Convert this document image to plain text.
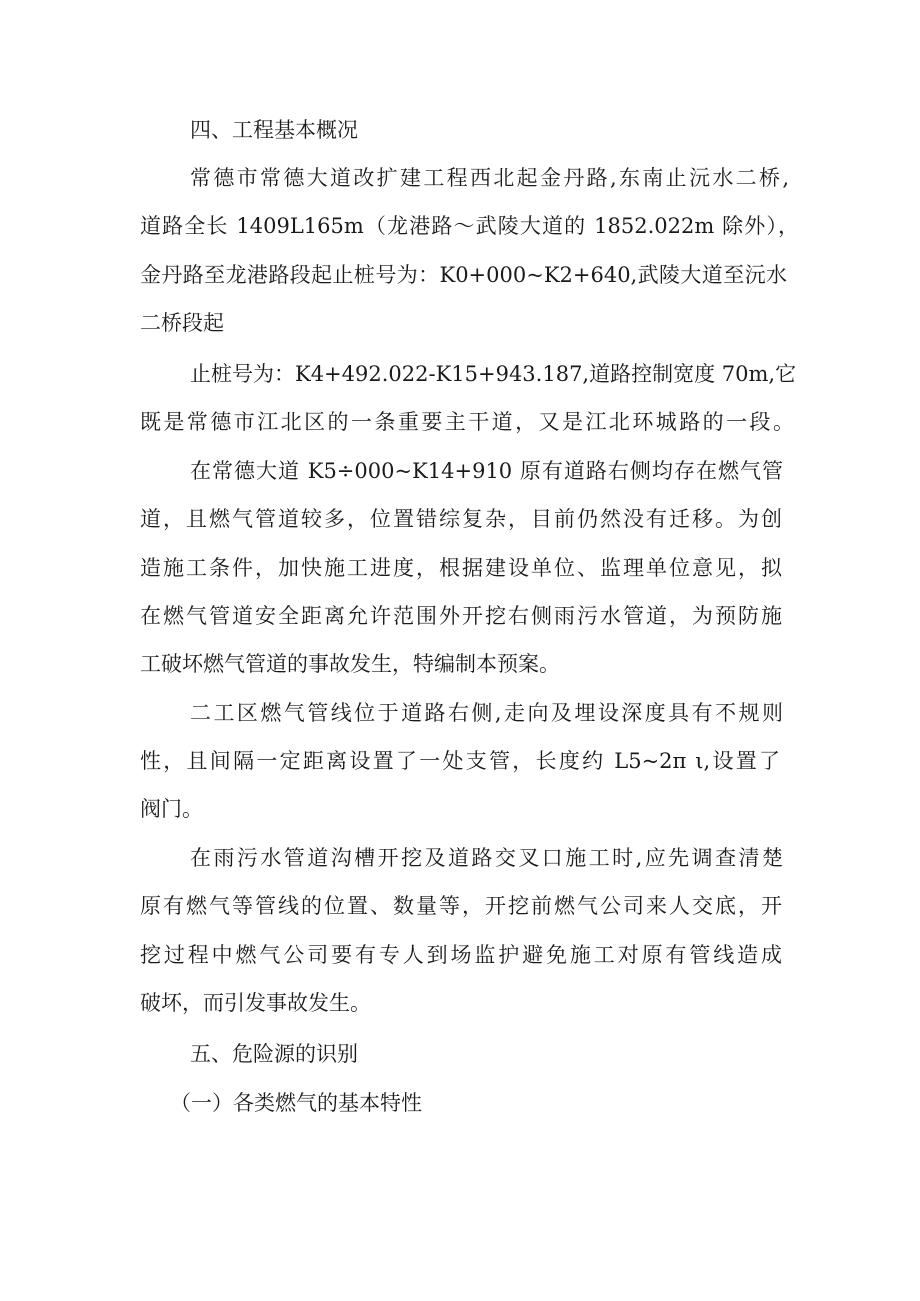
四、工程基本概况
常德市常德大道改扩建工程西北起金丹路,东南止沅水二桥,
道路全长 1409L165m（龙港路～武陵大道的 1852.022m 除外），
金丹路至龙港路段起止桩号为：K0+000~K2+640,武陵大道至沅水
二桥段起
止桩号为：K4+492.022-K15+943.187,道路控制宽度 70m,它
既是常德市江北区的一条重要主干道，又是江北环城路的一段。
在常德大道 K5÷000~K14+910 原有道路右侧均存在燃气管
道，且燃气管道较多，位置错综复杂，目前仍然没有迁移。为创
造施工条件，加快施工进度，根据建设单位、监理单位意见，拟
在燃气管道安全距离允许范围外开挖右侧雨污水管道，为预防施
工破坏燃气管道的事故发生，特编制本预案。
二工区燃气管线位于道路右侧,走向及埋设深度具有不规则
性，且间隔一定距离设置了一处支管，长度约 L5~2π ι,设置了
阀门。
在雨污水管道沟槽开挖及道路交叉口施工时,应先调查清楚
原有燃气等管线的位置、数量等，开挖前燃气公司来人交底，开
挖过程中燃气公司要有专人到场监护避免施工对原有管线造成
破坏，而引发事故发生。
五、危险源的识别
（一）各类燃气的基本特性
